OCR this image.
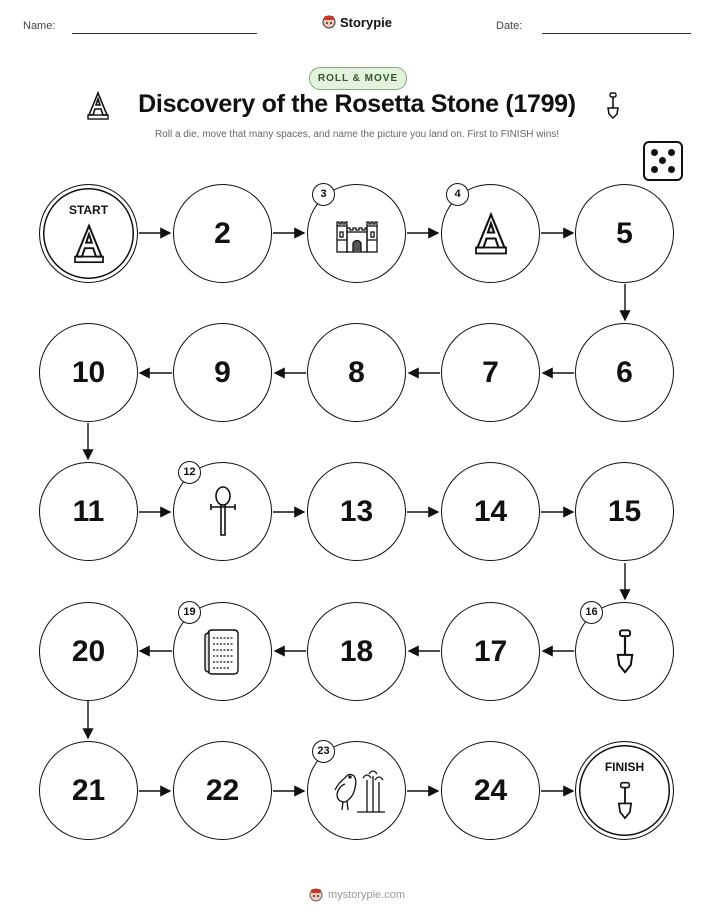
Name:	Storypie	Date:
ROLL & MOVE
Discovery of the Rosetta Stone (1799)
Roll a die, move that many spaces, and name the picture you land on. First to FINISH wins!
START
2
3	4
5
10	9	8	7	6
11
12
13	14	15
20
19
18	17
16
21	22
23
24
FINISH
mystorypie.com
